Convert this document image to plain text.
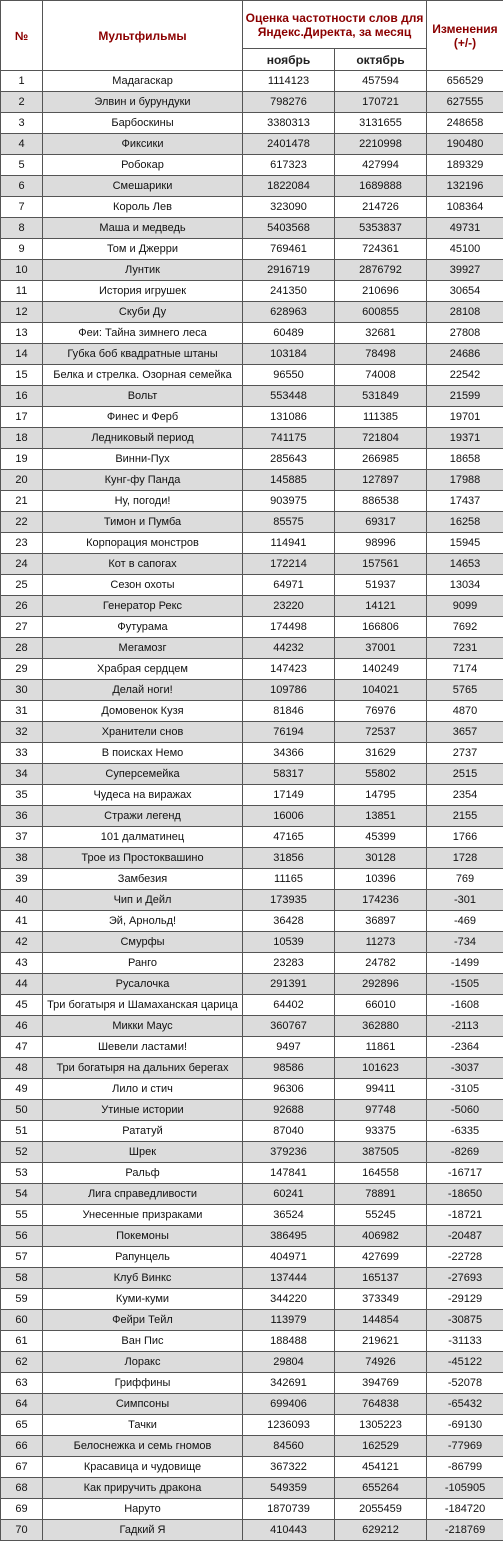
№	Мультфильмы	Оценка частотности слов для Яндекс.Директа, за месяц		Изменения (+/-)
		ноябрь	октябрь	
1	Мадагаскар	1114123	457594	656529
2	Элвин и бурундуки	798276	170721	627555
3	Барбоскины	3380313	3131655	248658
4	Фиксики	2401478	2210998	190480
5	Робокар	617323	427994	189329
6	Смешарики	1822084	1689888	132196
7	Король Лев	323090	214726	108364
8	Маша и медведь	5403568	5353837	49731
9	Том и Джерри	769461	724361	45100
10	Лунтик	2916719	2876792	39927
11	История игрушек	241350	210696	30654
12	Скуби Ду	628963	600855	28108
13	Феи: Тайна зимнего леса	60489	32681	27808
14	Губка боб квадратные штаны	103184	78498	24686
15	Белка и стрелка. Озорная семейка	96550	74008	22542
16	Вольт	553448	531849	21599
17	Финес и Ферб	131086	111385	19701
18	Ледниковый период	741175	721804	19371
19	Винни-Пух	285643	266985	18658
20	Кунг-фу Панда	145885	127897	17988
21	Ну, погоди!	903975	886538	17437
22	Тимон и Пумба	85575	69317	16258
23	Корпорация монстров	114941	98996	15945
24	Кот в сапогах	172214	157561	14653
25	Сезон охоты	64971	51937	13034
26	Генератор Рекс	23220	14121	9099
27	Футурама	174498	166806	7692
28	Мегамозг	44232	37001	7231
29	Храбрая сердцем	147423	140249	7174
30	Делай ноги!	109786	104021	5765
31	Домовенок Кузя	81846	76976	4870
32	Хранители снов	76194	72537	3657
33	В поисках Немо	34366	31629	2737
34	Суперсемейка	58317	55802	2515
35	Чудеса на виражах	17149	14795	2354
36	Стражи легенд	16006	13851	2155
37	101 далматинец	47165	45399	1766
38	Трое из Простоквашино	31856	30128	1728
39	Замбезия	11165	10396	769
40	Чип и Дейл	173935	174236	-301
41	Эй, Арнольд!	36428	36897	-469
42	Смурфы	10539	11273	-734
43	Ранго	23283	24782	-1499
44	Русалочка	291391	292896	-1505
45	Три богатыря и Шамаханская царица	64402	66010	-1608
46	Микки Маус	360767	362880	-2113
47	Шевели ластами!	9497	11861	-2364
48	Три богатыря на дальних берегах	98586	101623	-3037
49	Лило и стич	96306	99411	-3105
50	Утиные истории	92688	97748	-5060
51	Рататуй	87040	93375	-6335
52	Шрек	379236	387505	-8269
53	Ральф	147841	164558	-16717
54	Лига справедливости	60241	78891	-18650
55	Унесенные призраками	36524	55245	-18721
56	Покемоны	386495	406982	-20487
57	Рапунцель	404971	427699	-22728
58	Клуб Винкс	137444	165137	-27693
59	Куми-куми	344220	373349	-29129
60	Фейри Тейл	113979	144854	-30875
61	Ван Пис	188488	219621	-31133
62	Лоракс	29804	74926	-45122
63	Гриффины	342691	394769	-52078
64	Симпсоны	699406	764838	-65432
65	Тачки	1236093	1305223	-69130
66	Белоснежка и семь гномов	84560	162529	-77969
67	Красавица и чудовище	367322	454121	-86799
68	Как приручить дракона	549359	655264	-105905
69	Наруто	1870739	2055459	-184720
70	Гадкий Я	410443	629212	-218769
